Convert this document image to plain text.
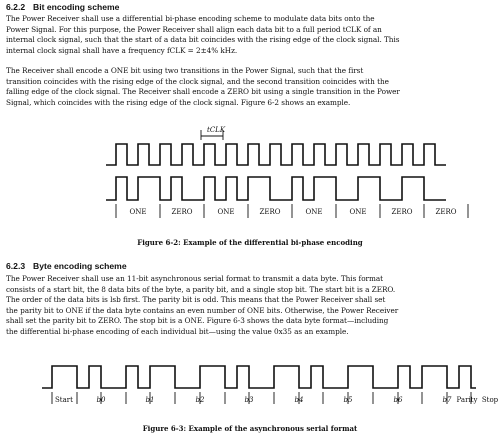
6.2.2 Bit encoding scheme
The Power Receiver shall use a differential bi-phase encoding scheme to modulate data bits onto the
Power Signal. For this purpose, the Power Receiver shall align each data bit to a full period tCLK of an
internal clock signal, such that the start of a data bit coincides with the rising edge of the clock signal. This
internal clock signal shall have a frequency fCLK = 2±4% kHz.
The Receiver shall encode a ONE bit using two transitions in the Power Signal, such that the first
transition coincides with the rising edge of the clock signal, and the second transition coincides with the
falling edge of the clock signal. The Receiver shall encode a ZERO bit using a single transition in the Power
Signal, which coincides with the rising edge of the clock signal. Figure 6-2 shows an example.
tCLK
ONE	ZERO	ONE	ZERO	ONE	ONE	ZERO	ZERO
Figure 6-2: Example of the differential bi-phase encoding
6.2.3 Byte encoding scheme
The Power Receiver shall use an 11-bit asynchronous serial format to transmit a data byte. This format
consists of a start bit, the 8 data bits of the byte, a parity bit, and a single stop bit. The start bit is a ZERO.
The order of the data bits is lsb first. The parity bit is odd. This means that the Power Receiver shall set
the parity bit to ONE if the data byte contains an even number of ONE bits. Otherwise, the Power Receiver
shall set the parity bit to ZERO. The stop bit is a ONE. Figure 6-3 shows the data byte format—including
the differential bi-phase encoding of each individual bit—using the value 0x35 as an example.
Start	b0	b1	b2	b3	b4	b5	b6	b7 Parity Stop
Figure 6-3: Example of the asynchronous serial format
